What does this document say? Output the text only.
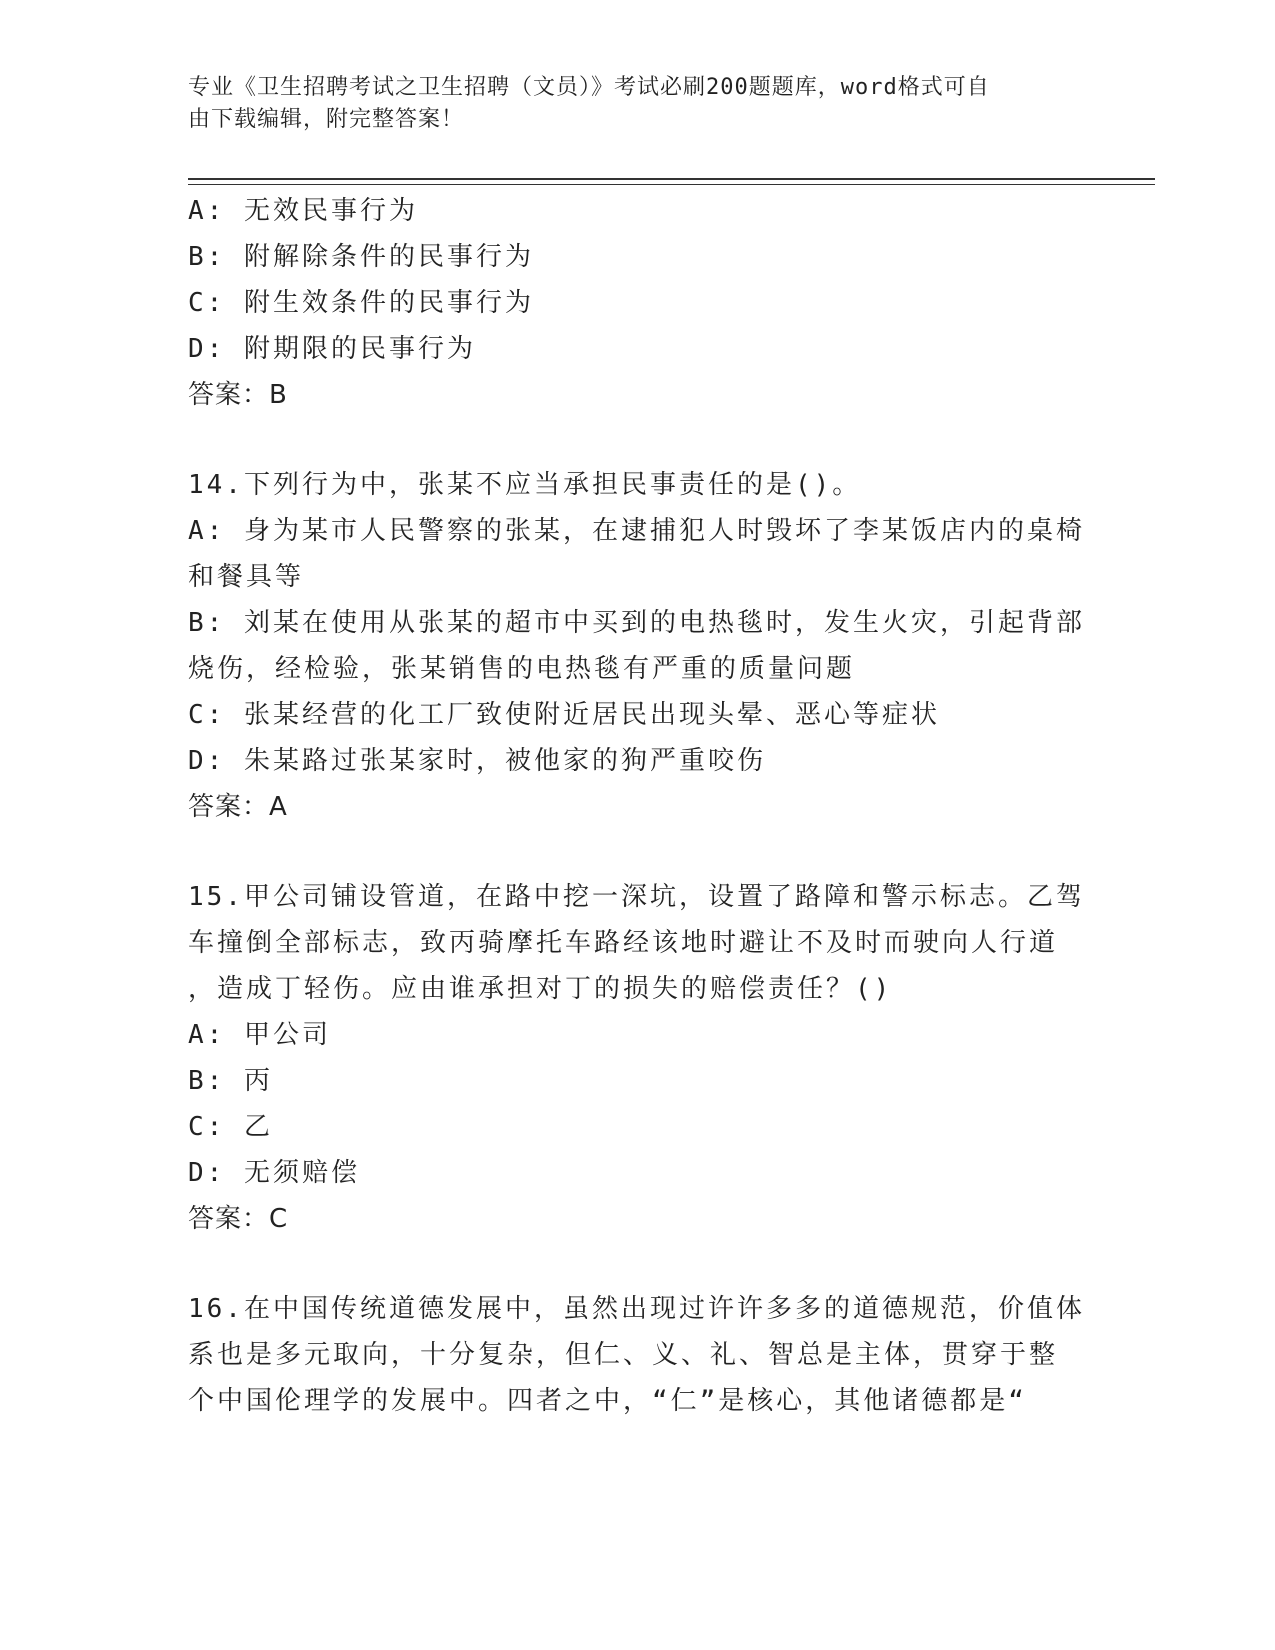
专业《卫生招聘考试之卫生招聘（文员）》考试必刷200题题库，word格式可自
由下载编辑，附完整答案！
A: 无效民事行为
B: 附解除条件的民事行为
C: 附生效条件的民事行为
D: 附期限的民事行为
答案：B
14.下列行为中，张某不应当承担民事责任的是()。
A: 身为某市人民警察的张某，在逮捕犯人时毁坏了李某饭店内的桌椅
和餐具等
B: 刘某在使用从张某的超市中买到的电热毯时，发生火灾，引起背部
烧伤，经检验，张某销售的电热毯有严重的质量问题
C: 张某经营的化工厂致使附近居民出现头晕、恶心等症状
D: 朱某路过张某家时，被他家的狗严重咬伤
答案：A
15.甲公司铺设管道，在路中挖一深坑，设置了路障和警示标志。乙驾
车撞倒全部标志，致丙骑摩托车路经该地时避让不及时而驶向人行道
，造成丁轻伤。应由谁承担对丁的损失的赔偿责任？()
A: 甲公司
B: 丙
C: 乙
D: 无须赔偿
答案：C
16.在中国传统道德发展中，虽然出现过许许多多的道德规范，价值体
系也是多元取向，十分复杂，但仁、义、礼、智总是主体，贯穿于整
个中国伦理学的发展中。四者之中，“仁”是核心，其他诸德都是“
